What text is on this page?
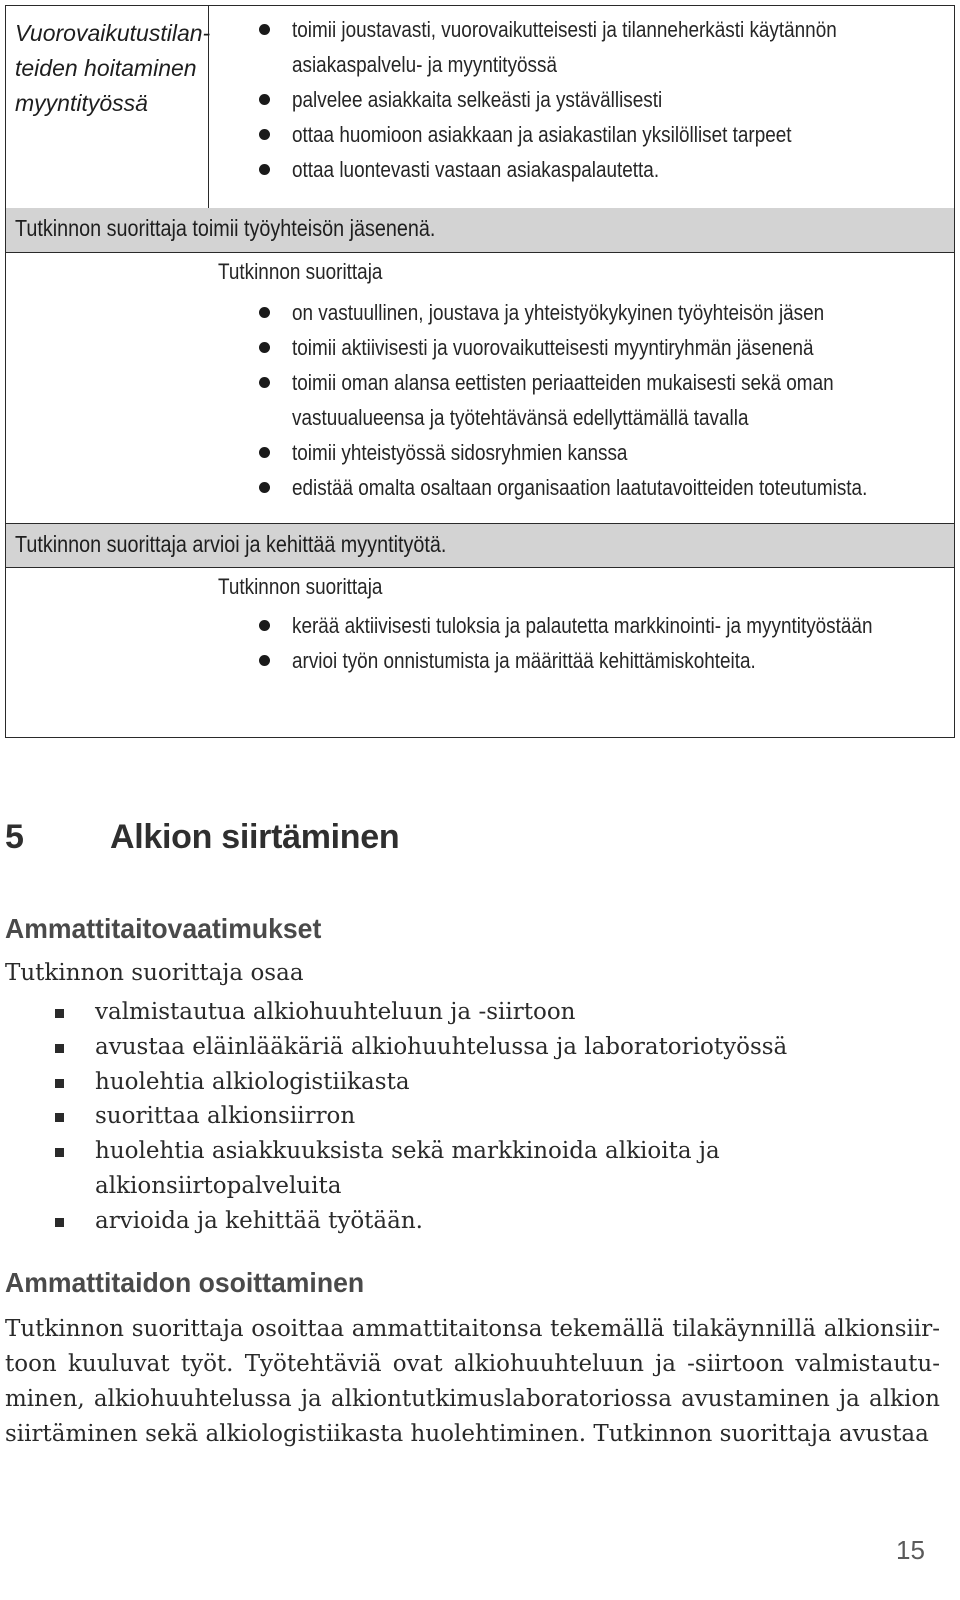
Vuorovaikutustilan-teiden hoitaminen myyntityössä
toimii joustavasti, vuorovaikutteisesti ja tilanneherkästi käytännön asiakaspalvelu- ja myyntityössä
palvelee asiakkaita selkeästi ja ystävällisesti
ottaa huomioon asiakkaan ja asiakastilan yksilölliset tarpeet
ottaa luontevasti vastaan asiakaspalautetta.
Tutkinnon suorittaja toimii työyhteisön jäsenenä.
Tutkinnon suorittaja
on vastuullinen, joustava ja yhteistyökykyinen työyhteisön jäsen
toimii aktiivisesti ja vuorovaikutteisesti myyntiryhmän jäsenenä
toimii oman alansa eettisten periaatteiden mukaisesti sekä oman vastuualueensa ja työtehtävänsä edellyttämällä tavalla
toimii yhteistyössä sidosryhmien kanssa
edistää omalta osaltaan organisaation laatutavoitteiden toteutumista.
Tutkinnon suorittaja arvioi ja kehittää myyntityötä.
Tutkinnon suorittaja
kerää aktiivisesti tuloksia ja palautetta markkinointi- ja myyntityöstään
arvioi työn onnistumista ja määrittää kehittämiskohteita.
5	Alkion siirtäminen
Ammattitaitovaatimukset
Tutkinnon suorittaja osaa
valmistautua alkiohuuhteluun ja -siirtoon
avustaa eläinlääkäriä alkiohuuhtelussa ja laboratoriotyössä
huolehtia alkiologistiikasta
suorittaa alkionsiirron
huolehtia asiakkuuksista sekä markkinoida alkioita ja alkionsiirtopalveluita
arvioida ja kehittää työtään.
Ammattitaidon osoittaminen

Tutkinnon suorittaja osoittaa ammattitaitonsa tekemällä tilakäynnillä alkionsiir-toon kuuluvat työt. Työtehtäviä ovat alkiohuuhteluun ja -siirtoon valmistautu-minen, alkiohuuhtelussa ja alkiontutkimuslaboratoriossa avustaminen ja alkion siirtäminen sekä alkiologistiikasta huolehtiminen. Tutkinnon suorittaja avustaa

15
